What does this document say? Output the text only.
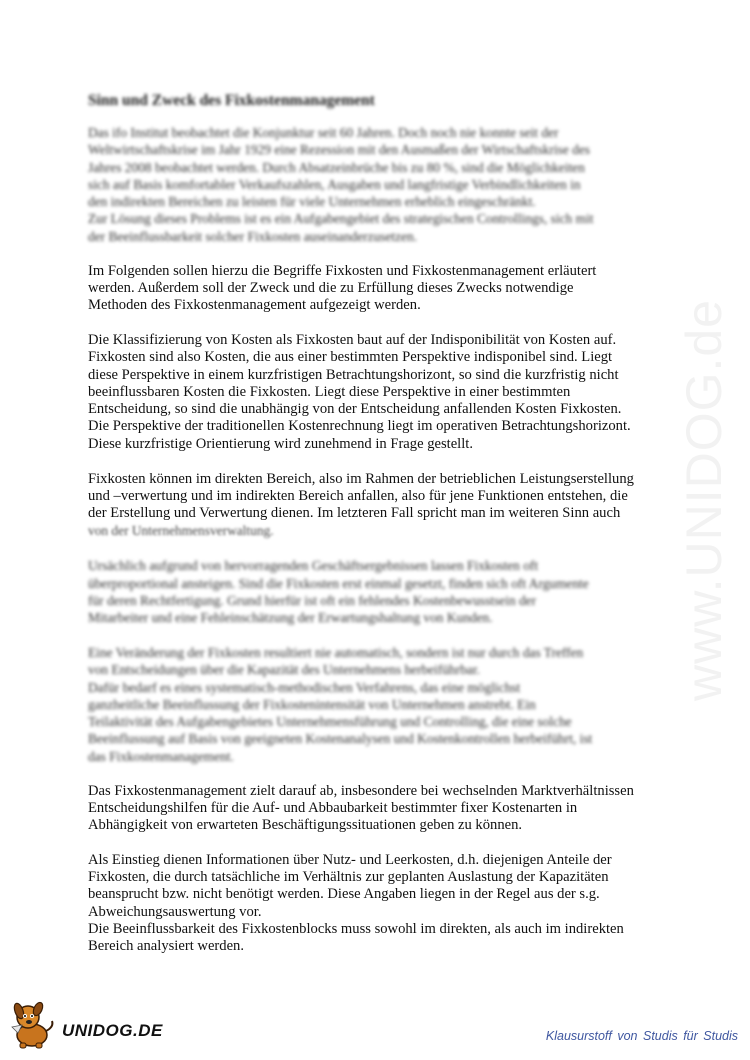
www.UNIDOG.de
Sinn und Zweck des Fixkostenmanagement
Das ifo Institut beobachtet die Konjunktur seit 60 Jahren. Doch noch nie konnte seit der
Weltwirtschaftskrise im Jahr 1929 eine Rezession mit den Ausmaßen der Wirtschaftskrise des
Jahres 2008 beobachtet werden. Durch Absatzeinbrüche bis zu 80 %, sind die Möglichkeiten
sich auf Basis komfortabler Verkaufszahlen, Ausgaben und langfristige Verbindlichkeiten in
den indirekten Bereichen zu leisten für viele Unternehmen erheblich eingeschränkt.
Zur Lösung dieses Problems ist es ein Aufgabengebiet des strategischen Controllings, sich mit
der Beeinflussbarkeit solcher Fixkosten auseinanderzusetzen.
Im Folgenden sollen hierzu die Begriffe Fixkosten und Fixkostenmanagement erläutert
werden. Außerdem soll der Zweck und die zu Erfüllung dieses Zwecks notwendige
Methoden des Fixkostenmanagement aufgezeigt werden.
Die Klassifizierung von Kosten als Fixkosten baut auf der Indisponibilität von Kosten auf.
Fixkosten sind also Kosten, die aus einer bestimmten Perspektive indisponibel sind. Liegt
diese Perspektive in einem kurzfristigen Betrachtungshorizont, so sind die kurzfristig nicht
beeinflussbaren Kosten die Fixkosten. Liegt diese Perspektive in einer bestimmten
Entscheidung, so sind die unabhängig von der Entscheidung anfallenden Kosten Fixkosten.
Die Perspektive der traditionellen Kostenrechnung liegt im operativen Betrachtungshorizont.
Diese kurzfristige Orientierung wird zunehmend in Frage gestellt.
Fixkosten können im direkten Bereich, also im Rahmen der betrieblichen Leistungserstellung
und –verwertung und im indirekten Bereich anfallen, also für jene Funktionen entstehen, die
der Erstellung und Verwertung dienen. Im letzteren Fall spricht man im weiteren Sinn auch
von der Unternehmensverwaltung.
Ursächlich aufgrund von hervorragenden Geschäftsergebnissen lassen Fixkosten oft
überproportional ansteigen. Sind die Fixkosten erst einmal gesetzt, finden sich oft Argumente
für deren Rechtfertigung. Grund hierfür ist oft ein fehlendes Kostenbewusstsein der
Mitarbeiter und eine Fehleinschätzung der Erwartungshaltung von Kunden.
Eine Veränderung der Fixkosten resultiert nie automatisch, sondern ist nur durch das Treffen
von Entscheidungen über die Kapazität des Unternehmens herbeiführbar.
Dafür bedarf es eines systematisch-methodischen Verfahrens, das eine möglichst
ganzheitliche Beeinflussung der Fixkostenintensität von Unternehmen anstrebt. Ein
Teilaktivität des Aufgabengebietes Unternehmensführung und Controlling, die eine solche
Beeinflussung auf Basis von geeigneten Kostenanalysen und Kostenkontrollen herbeiführt, ist
das Fixkostenmanagement.
Das Fixkostenmanagement zielt darauf ab, insbesondere bei wechselnden Marktverhältnissen
Entscheidungshilfen für die Auf- und Abbaubarkeit bestimmter fixer Kostenarten in
Abhängigkeit von erwarteten Beschäftigungssituationen geben zu können.
Als Einstieg dienen Informationen über Nutz- und Leerkosten, d.h. diejenigen Anteile der
Fixkosten, die durch tatsächliche im Verhältnis zur geplanten Auslastung der Kapazitäten
beansprucht bzw. nicht benötigt werden. Diese Angaben liegen in der Regel aus der s.g.
Abweichungsauswertung vor.
Die Beeinflussbarkeit des Fixkostenblocks muss sowohl im direkten, als auch im indirekten
Bereich analysiert werden.
UNIDOG.DE	Klausurstoff von Studis für Studis
